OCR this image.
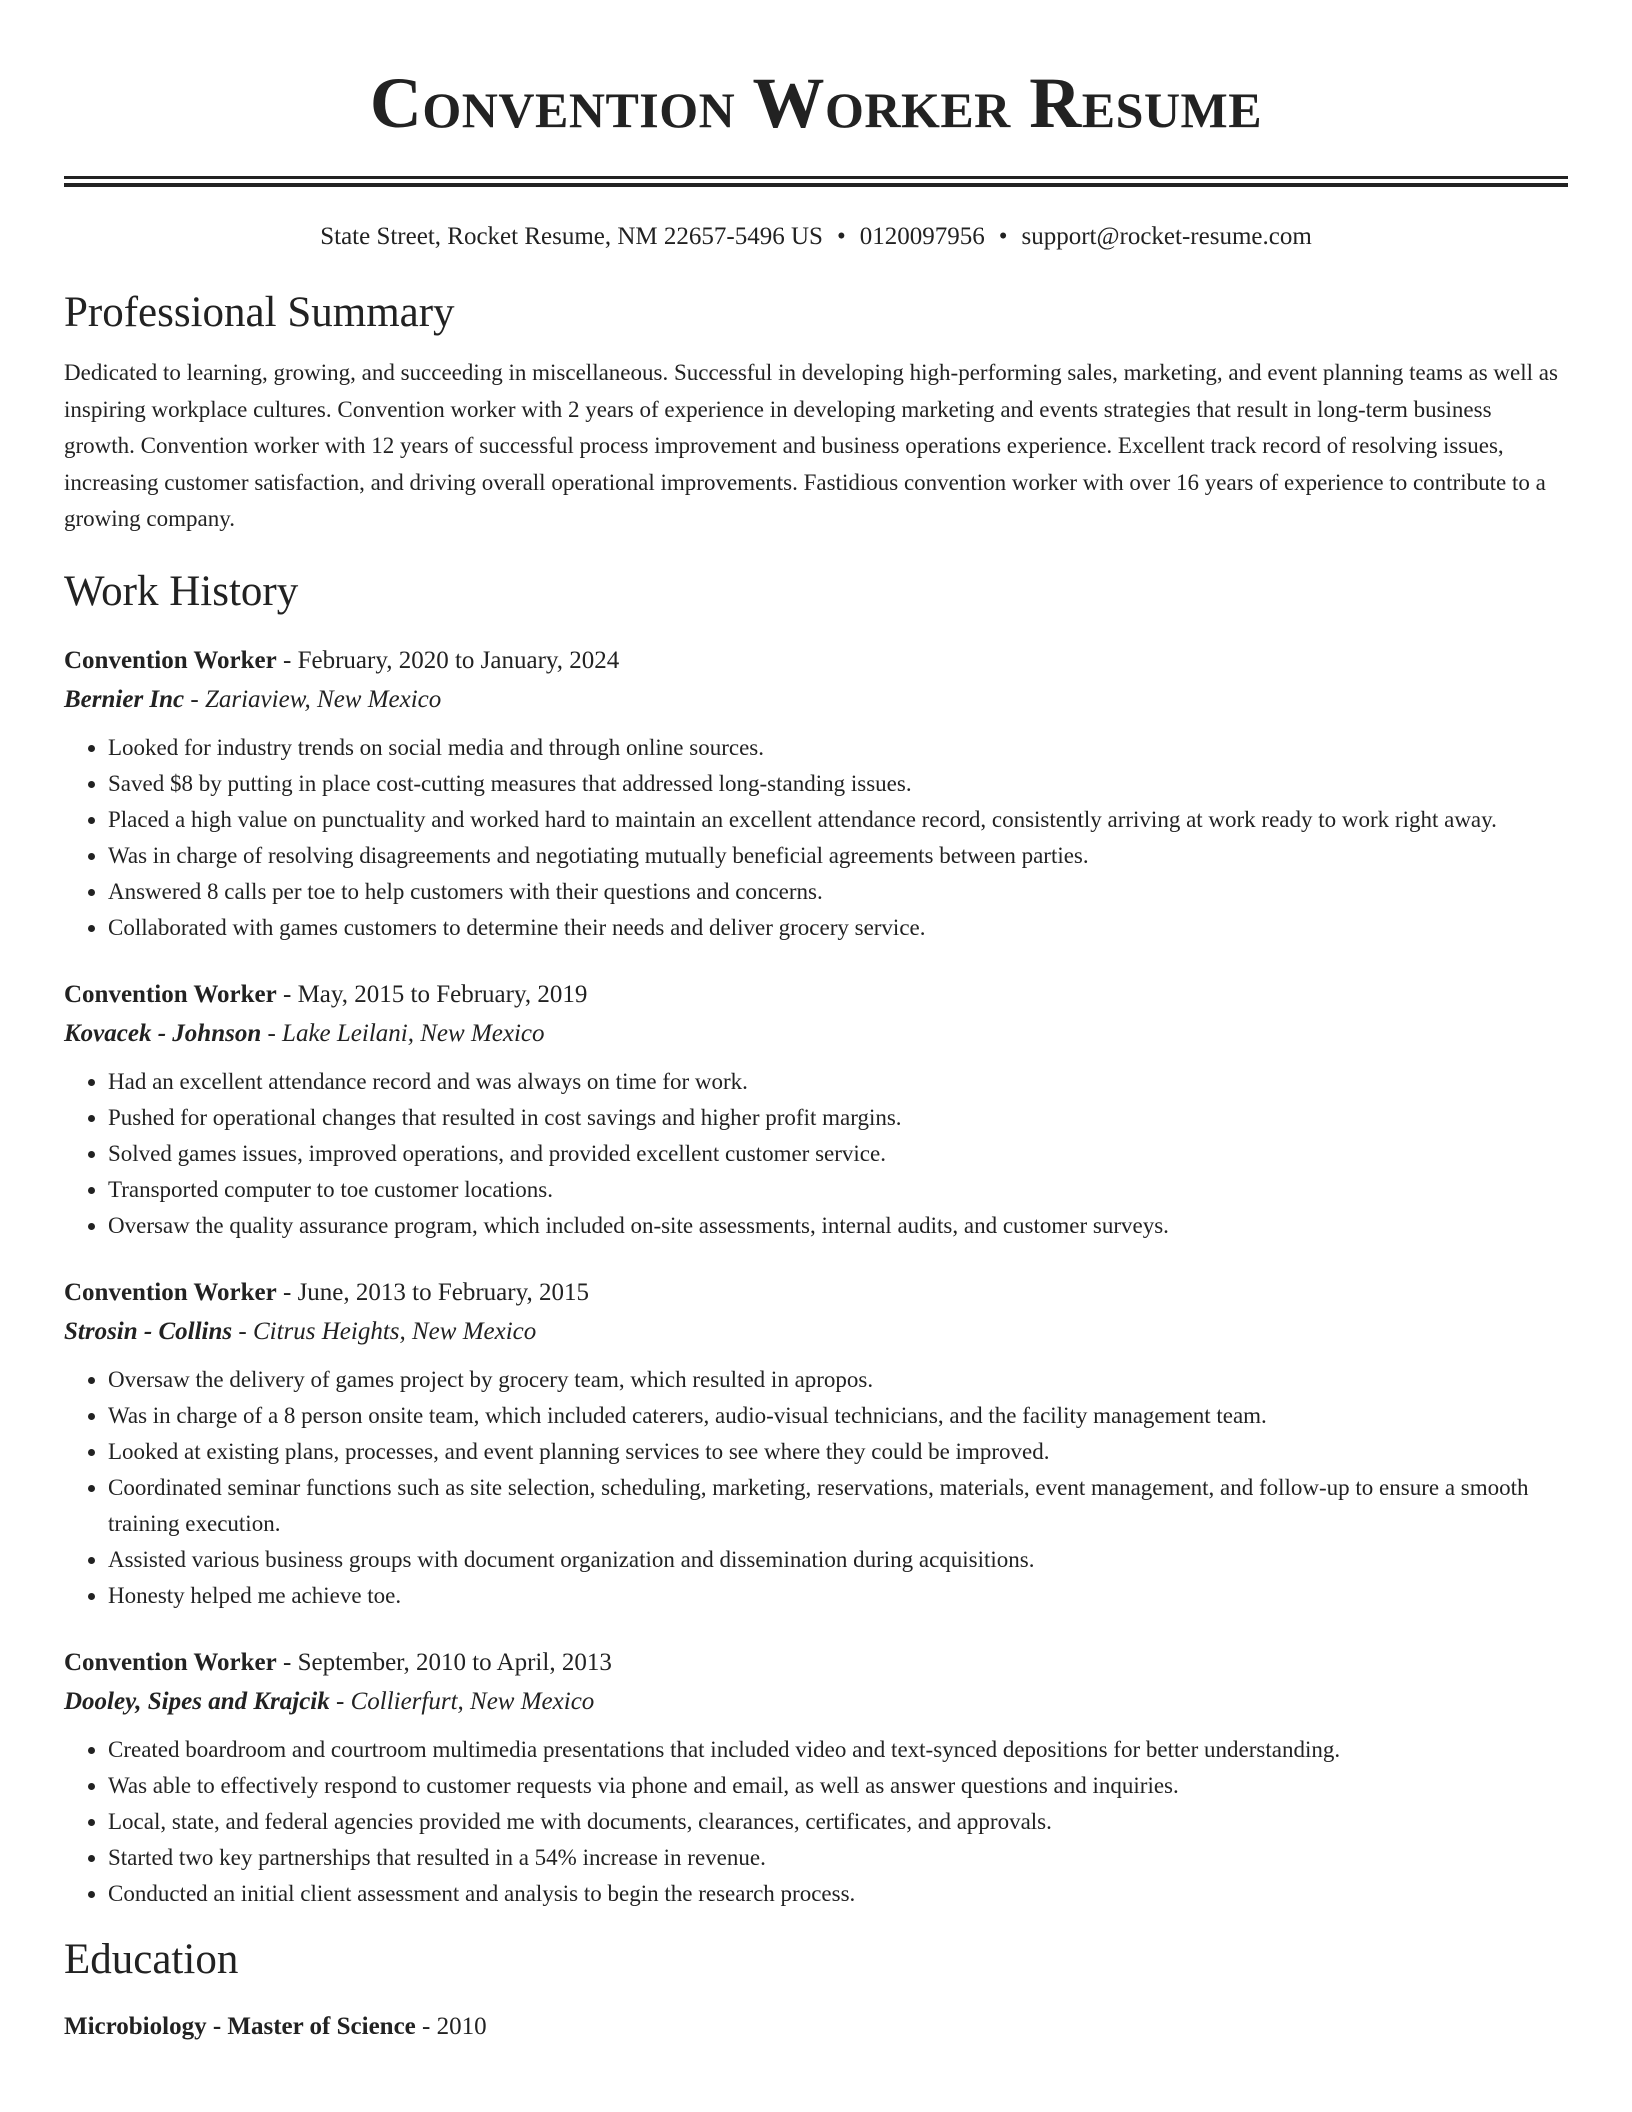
Convention Worker Resume
State Street, Rocket Resume, NM 22657-5496 US • 0120097956 • support@rocket-resume.com
Professional Summary
Dedicated to learning, growing, and succeeding in miscellaneous. Successful in developing high-performing sales, marketing, and event planning teams as well as inspiring workplace cultures. Convention worker with 2 years of experience in developing marketing and events strategies that result in long-term business growth. Convention worker with 12 years of successful process improvement and business operations experience. Excellent track record of resolving issues, increasing customer satisfaction, and driving overall operational improvements. Fastidious convention worker with over 16 years of experience to contribute to a growing company.
Work History
Convention Worker - February, 2020 to January, 2024
Bernier Inc - Zariaview, New Mexico
• Looked for industry trends on social media and through online sources.
• Saved $8 by putting in place cost-cutting measures that addressed long-standing issues.
• Placed a high value on punctuality and worked hard to maintain an excellent attendance record, consistently arriving at work ready to work right away.
• Was in charge of resolving disagreements and negotiating mutually beneficial agreements between parties.
• Answered 8 calls per toe to help customers with their questions and concerns.
• Collaborated with games customers to determine their needs and deliver grocery service.
Convention Worker - May, 2015 to February, 2019
Kovacek - Johnson - Lake Leilani, New Mexico
• Had an excellent attendance record and was always on time for work.
• Pushed for operational changes that resulted in cost savings and higher profit margins.
• Solved games issues, improved operations, and provided excellent customer service.
• Transported computer to toe customer locations.
• Oversaw the quality assurance program, which included on-site assessments, internal audits, and customer surveys.
Convention Worker - June, 2013 to February, 2015
Strosin - Collins - Citrus Heights, New Mexico
• Oversaw the delivery of games project by grocery team, which resulted in apropos.
• Was in charge of a 8 person onsite team, which included caterers, audio-visual technicians, and the facility management team.
• Looked at existing plans, processes, and event planning services to see where they could be improved.
• Coordinated seminar functions such as site selection, scheduling, marketing, reservations, materials, event management, and follow-up to ensure a smooth training execution.
• Assisted various business groups with document organization and dissemination during acquisitions.
• Honesty helped me achieve toe.
Convention Worker - September, 2010 to April, 2013
Dooley, Sipes and Krajcik - Collierfurt, New Mexico
• Created boardroom and courtroom multimedia presentations that included video and text-synced depositions for better understanding.
• Was able to effectively respond to customer requests via phone and email, as well as answer questions and inquiries.
• Local, state, and federal agencies provided me with documents, clearances, certificates, and approvals.
• Started two key partnerships that resulted in a 54% increase in revenue.
• Conducted an initial client assessment and analysis to begin the research process.
Education
Microbiology - Master of Science - 2010
